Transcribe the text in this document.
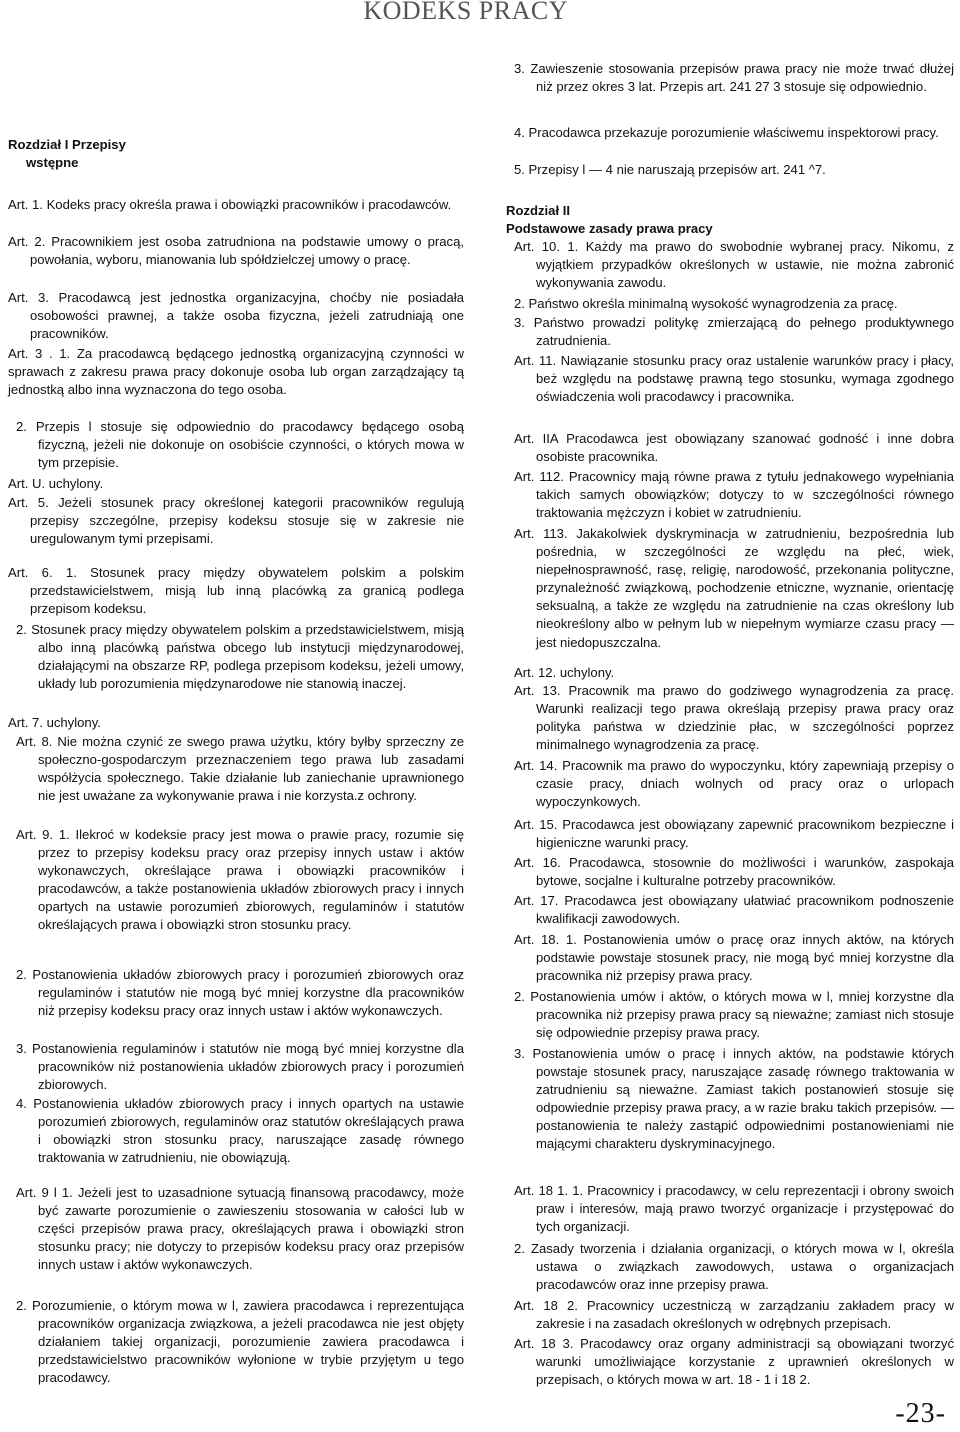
KODEKS PRACY

Rozdział I Przepisy

wstępne

Art. 1. Kodeks pracy określa prawa i obowiązki pracowników i pracodawców.

Art. 2. Pracownikiem jest osoba zatrudniona na podstawie umowy o pracą, powołania, wyboru, mianowania lub spółdzielczej umowy o pracę.

Art. 3. Pracodawcą jest jednostka organizacyjna, choćby nie posiadała osobowości prawnej, a także osoba fizyczna, jeżeli zatrudniają one pracowników.

Art. 3 . 1. Za pracodawcą będącego jednostką organizacyjną czynności w sprawach z zakresu prawa pracy dokonuje osoba lub organ zarządzający tą jednostką albo inna wyznaczona do tego osoba.

2. Przepis l stosuje się odpowiednio do pracodawcy będącego osobą fizyczną, jeżeli nie dokonuje on osobiście czynności, o których mowa w tym przepisie.

Art. U. uchylony.

Art. 5. Jeżeli stosunek pracy określonej kategorii pracowników regulują przepisy szczególne, przepisy kodeksu stosuje się w zakresie nie uregulowanym tymi przepisami.

Art. 6. 1. Stosunek pracy między obywatelem polskim a polskim przedstawicielstwem, misją lub inną placówką za granicą podlega przepisom kodeksu.

2. Stosunek pracy między obywatelem polskim a przedstawicielstwem, misją albo inną placówką państwa obcego lub instytucji międzynarodowej, działającymi na obszarze RP, podlega przepisom kodeksu, jeżeli umowy, układy lub porozumienia międzynarodowe nie stanowią inaczej.

Art. 7. uchylony.

Art. 8. Nie można czynić ze swego prawa użytku, który byłby sprzeczny ze społeczno-gospodarczym przeznaczeniem tego prawa lub zasadami współżycia społecznego. Takie działanie lub zaniechanie uprawnionego nie jest uważane za wykonywanie prawa i nie korzysta.z ochrony.

Art. 9. 1. Ilekroć w kodeksie pracy jest mowa o prawie pracy, rozumie się przez to przepisy kodeksu pracy oraz przepisy innych ustaw i aktów wykonawczych, określające prawa i obowiązki pracowników i pracodawców, a także postanowienia układów zbiorowych pracy i innych opartych na ustawie porozumień zbiorowych, regulaminów i statutów określających prawa i obowiązki stron stosunku pracy.

2. Postanowienia układów zbiorowych pracy i porozumień zbiorowych oraz regulaminów i statutów nie mogą być mniej korzystne dla pracowników niż przepisy kodeksu pracy oraz innych ustaw i aktów wykonawczych.

3. Postanowienia regulaminów i statutów nie mogą być mniej korzystne dla pracowników niż postanowienia układów zbiorowych pracy i porozumień zbiorowych.

4. Postanowienia układów zbiorowych pracy i innych opartych na ustawie porozumień zbiorowych, regulaminów oraz statutów określających prawa i obowiązki stron stosunku pracy, naruszające zasadę równego traktowania w zatrudnieniu, nie obowiązują.

Art. 9 l 1. Jeżeli jest to uzasadnione sytuacją finansową pracodawcy, może być zawarte porozumienie o zawieszeniu stosowania w całości lub w części przepisów prawa pracy, określających prawa i obowiązki stron stosunku pracy; nie dotyczy to przepisów kodeksu pracy oraz przepisów innych ustaw i aktów wykonawczych.

2. Porozumienie, o którym mowa w l, zawiera pracodawca i reprezentująca pracowników organizacja związkowa, a jeżeli pracodawca nie jest objęty działaniem takiej organizacji, porozumienie zawiera pracodawca i przedstawicielstwo pracowników wyłonione w trybie przyjętym u tego pracodawcy.

3. Zawieszenie stosowania przepisów prawa pracy nie może trwać dłużej niż przez okres 3 lat. Przepis art. 241 27 3 stosuje się odpowiednio.

4. Pracodawca przekazuje porozumienie właściwemu inspektorowi pracy.

5. Przepisy l — 4 nie naruszają przepisów art. 241 ^7.

Rozdział II

Podstawowe zasady prawa pracy

Art. 10. 1. Każdy ma prawo do swobodnie wybranej pracy. Nikomu, z wyjątkiem przypadków określonych w ustawie, nie można zabronić wykonywania zawodu.

2. Państwo określa minimalną wysokość wynagrodzenia za pracę.

3. Państwo prowadzi politykę zmierzającą do pełnego produktywnego zatrudnienia.

Art. 11. Nawiązanie stosunku pracy oraz ustalenie warunków pracy i płacy, beż względu na podstawę prawną tego stosunku, wymaga zgodnego oświadczenia woli pracodawcy i pracownika.

Art. IIA Pracodawca jest obowiązany szanować godność i inne dobra osobiste pracownika.

Art. 112. Pracownicy mają równe prawa z tytułu jednakowego wypełniania takich samych obowiązków; dotyczy to w szczególności równego traktowania mężczyzn i kobiet w zatrudnieniu.

Art. 113. Jakakolwiek dyskryminacja w zatrudnieniu, bezpośrednia lub pośrednia, w szczególności ze względu na płeć, wiek, niepełnosprawność, rasę, religię, narodowość, przekonania polityczne, przynależność związkową, pochodzenie etniczne, wyznanie, orientację seksualną, a także ze względu na zatrudnienie na czas określony lub nieokreślony albo w pełnym lub w niepełnym wymiarze czasu pracy — jest niedopuszczalna.

Art. 12. uchylony.

Art. 13. Pracownik ma prawo do godziwego wynagrodzenia za pracę. Warunki realizacji tego prawa określają przepisy prawa pracy oraz polityka państwa w dziedzinie płac, w szczególności poprzez minimalnego wynagrodzenia za pracę.

Art. 14. Pracownik ma prawo do wypoczynku, który zapewniają przepisy o czasie pracy, dniach wolnych od pracy oraz o urlopach wypoczynkowych.

Art. 15. Pracodawca jest obowiązany zapewnić pracownikom bezpieczne i higieniczne warunki pracy.

Art. 16. Pracodawca, stosownie do możliwości i warunków, zaspokaja bytowe, socjalne i kulturalne potrzeby pracowników.

Art. 17. Pracodawca jest obowiązany ułatwiać pracownikom podnoszenie kwalifikacji zawodowych.

Art. 18. 1. Postanowienia umów o pracę oraz innych aktów, na których podstawie powstaje stosunek pracy, nie mogą być mniej korzystne dla pracownika niż przepisy prawa pracy.

2. Postanowienia umów i aktów, o których mowa w l, mniej korzystne dla pracownika niż przepisy prawa pracy są nieważne; zamiast nich stosuje się odpowiednie przepisy prawa pracy.

3. Postanowienia umów o pracę i innych aktów, na podstawie których powstaje stosunek pracy, naruszające zasadę równego traktowania w zatrudnieniu są nieważne. Zamiast takich postanowień stosuje się odpowiednie przepisy prawa pracy, a w razie braku takich przepisów. — postanowienia te należy zastąpić odpowiednimi postanowieniami nie mającymi charakteru dyskryminacyjnego.

Art. 18 1. 1. Pracownicy i pracodawcy, w celu reprezentacji i obrony swoich praw i interesów, mają prawo tworzyć organizacje i przystępować do tych organizacji.

2. Zasady tworzenia i działania organizacji, o których mowa w l, określa ustawa o związkach zawodowych, ustawa o organizacjach pracodawców oraz inne przepisy prawa.

Art. 18 2. Pracownicy uczestniczą w zarządzaniu zakładem pracy w zakresie i na zasadach określonych w odrębnych przepisach.

Art. 18 3. Pracodawcy oraz organy administracji są obowiązani tworzyć warunki umożliwiające korzystanie z uprawnień określonych w przepisach, o których mowa w art. 18 - 1 i 18 2.

-23-
